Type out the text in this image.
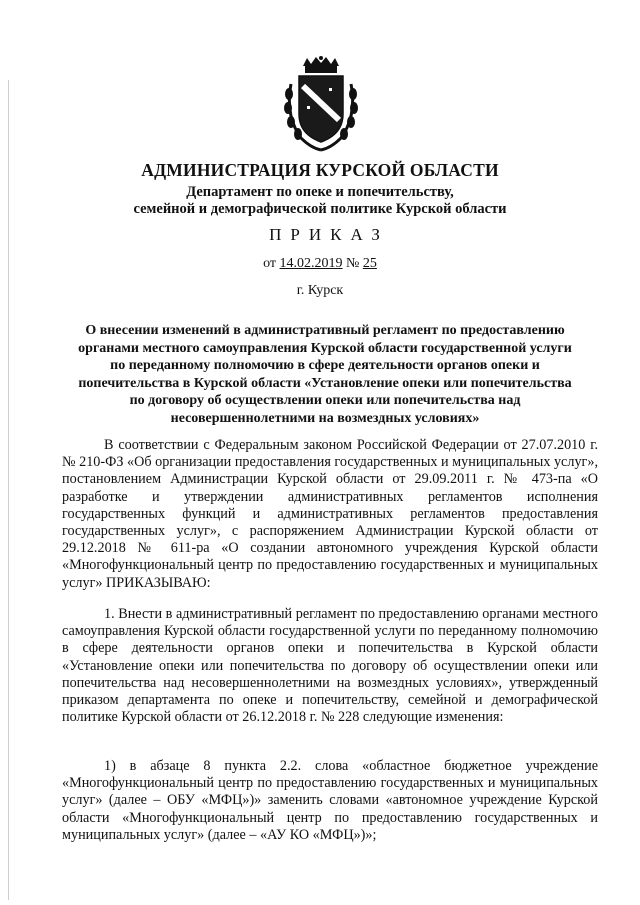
АДМИНИСТРАЦИЯ КУРСКОЙ ОБЛАСТИ
Департамент по опеке и попечительству,
семейной и демографической политике Курской области
ПРИКАЗ
от 14.02.2019 № 25
г. Курск
О внесении изменений в административный регламент по предоставлению органами местного самоуправления Курской области государственной услуги по переданному полномочию в сфере деятельности органов опеки и попечительства в Курской области «Установление опеки или попечительства по договору об осуществлении опеки или попечительства над несовершеннолетними на возмездных условиях»

В соответствии с Федеральным законом Российской Федерации от 27.07.2010 г. № 210-ФЗ «Об организации предоставления государственных и муниципальных услуг», постановлением Администрации Курской области от 29.09.2011 г. № 473-па «О разработке и утверждении административных регламентов исполнения государственных функций и административных регламентов предоставления государственных услуг», с распоряжением Администрации Курской области от 29.12.2018 № 611-ра «О создании автономного учреждения Курской области «Многофункциональный центр по предоставлению государственных и муниципальных услуг» ПРИКАЗЫВАЮ:

1. Внести в административный регламент по предоставлению органами местного самоуправления Курской области государственной услуги по переданному полномочию в сфере деятельности органов опеки и попечительства в Курской области «Установление опеки или попечительства по договору об осуществлении опеки или попечительства над несовершеннолетними на возмездных условиях», утвержденный приказом департамента по опеке и попечительству, семейной и демографической политике Курской области от 26.12.2018 г. № 228 следующие изменения:

1) в абзаце 8 пункта 2.2. слова «областное бюджетное учреждение «Многофункциональный центр по предоставлению государственных и муниципальных услуг» (далее – ОБУ «МФЦ»)» заменить словами «автономное учреждение Курской области «Многофункциональный центр по предоставлению государственных и муниципальных услуг» (далее – «АУ КО «МФЦ»)»;
